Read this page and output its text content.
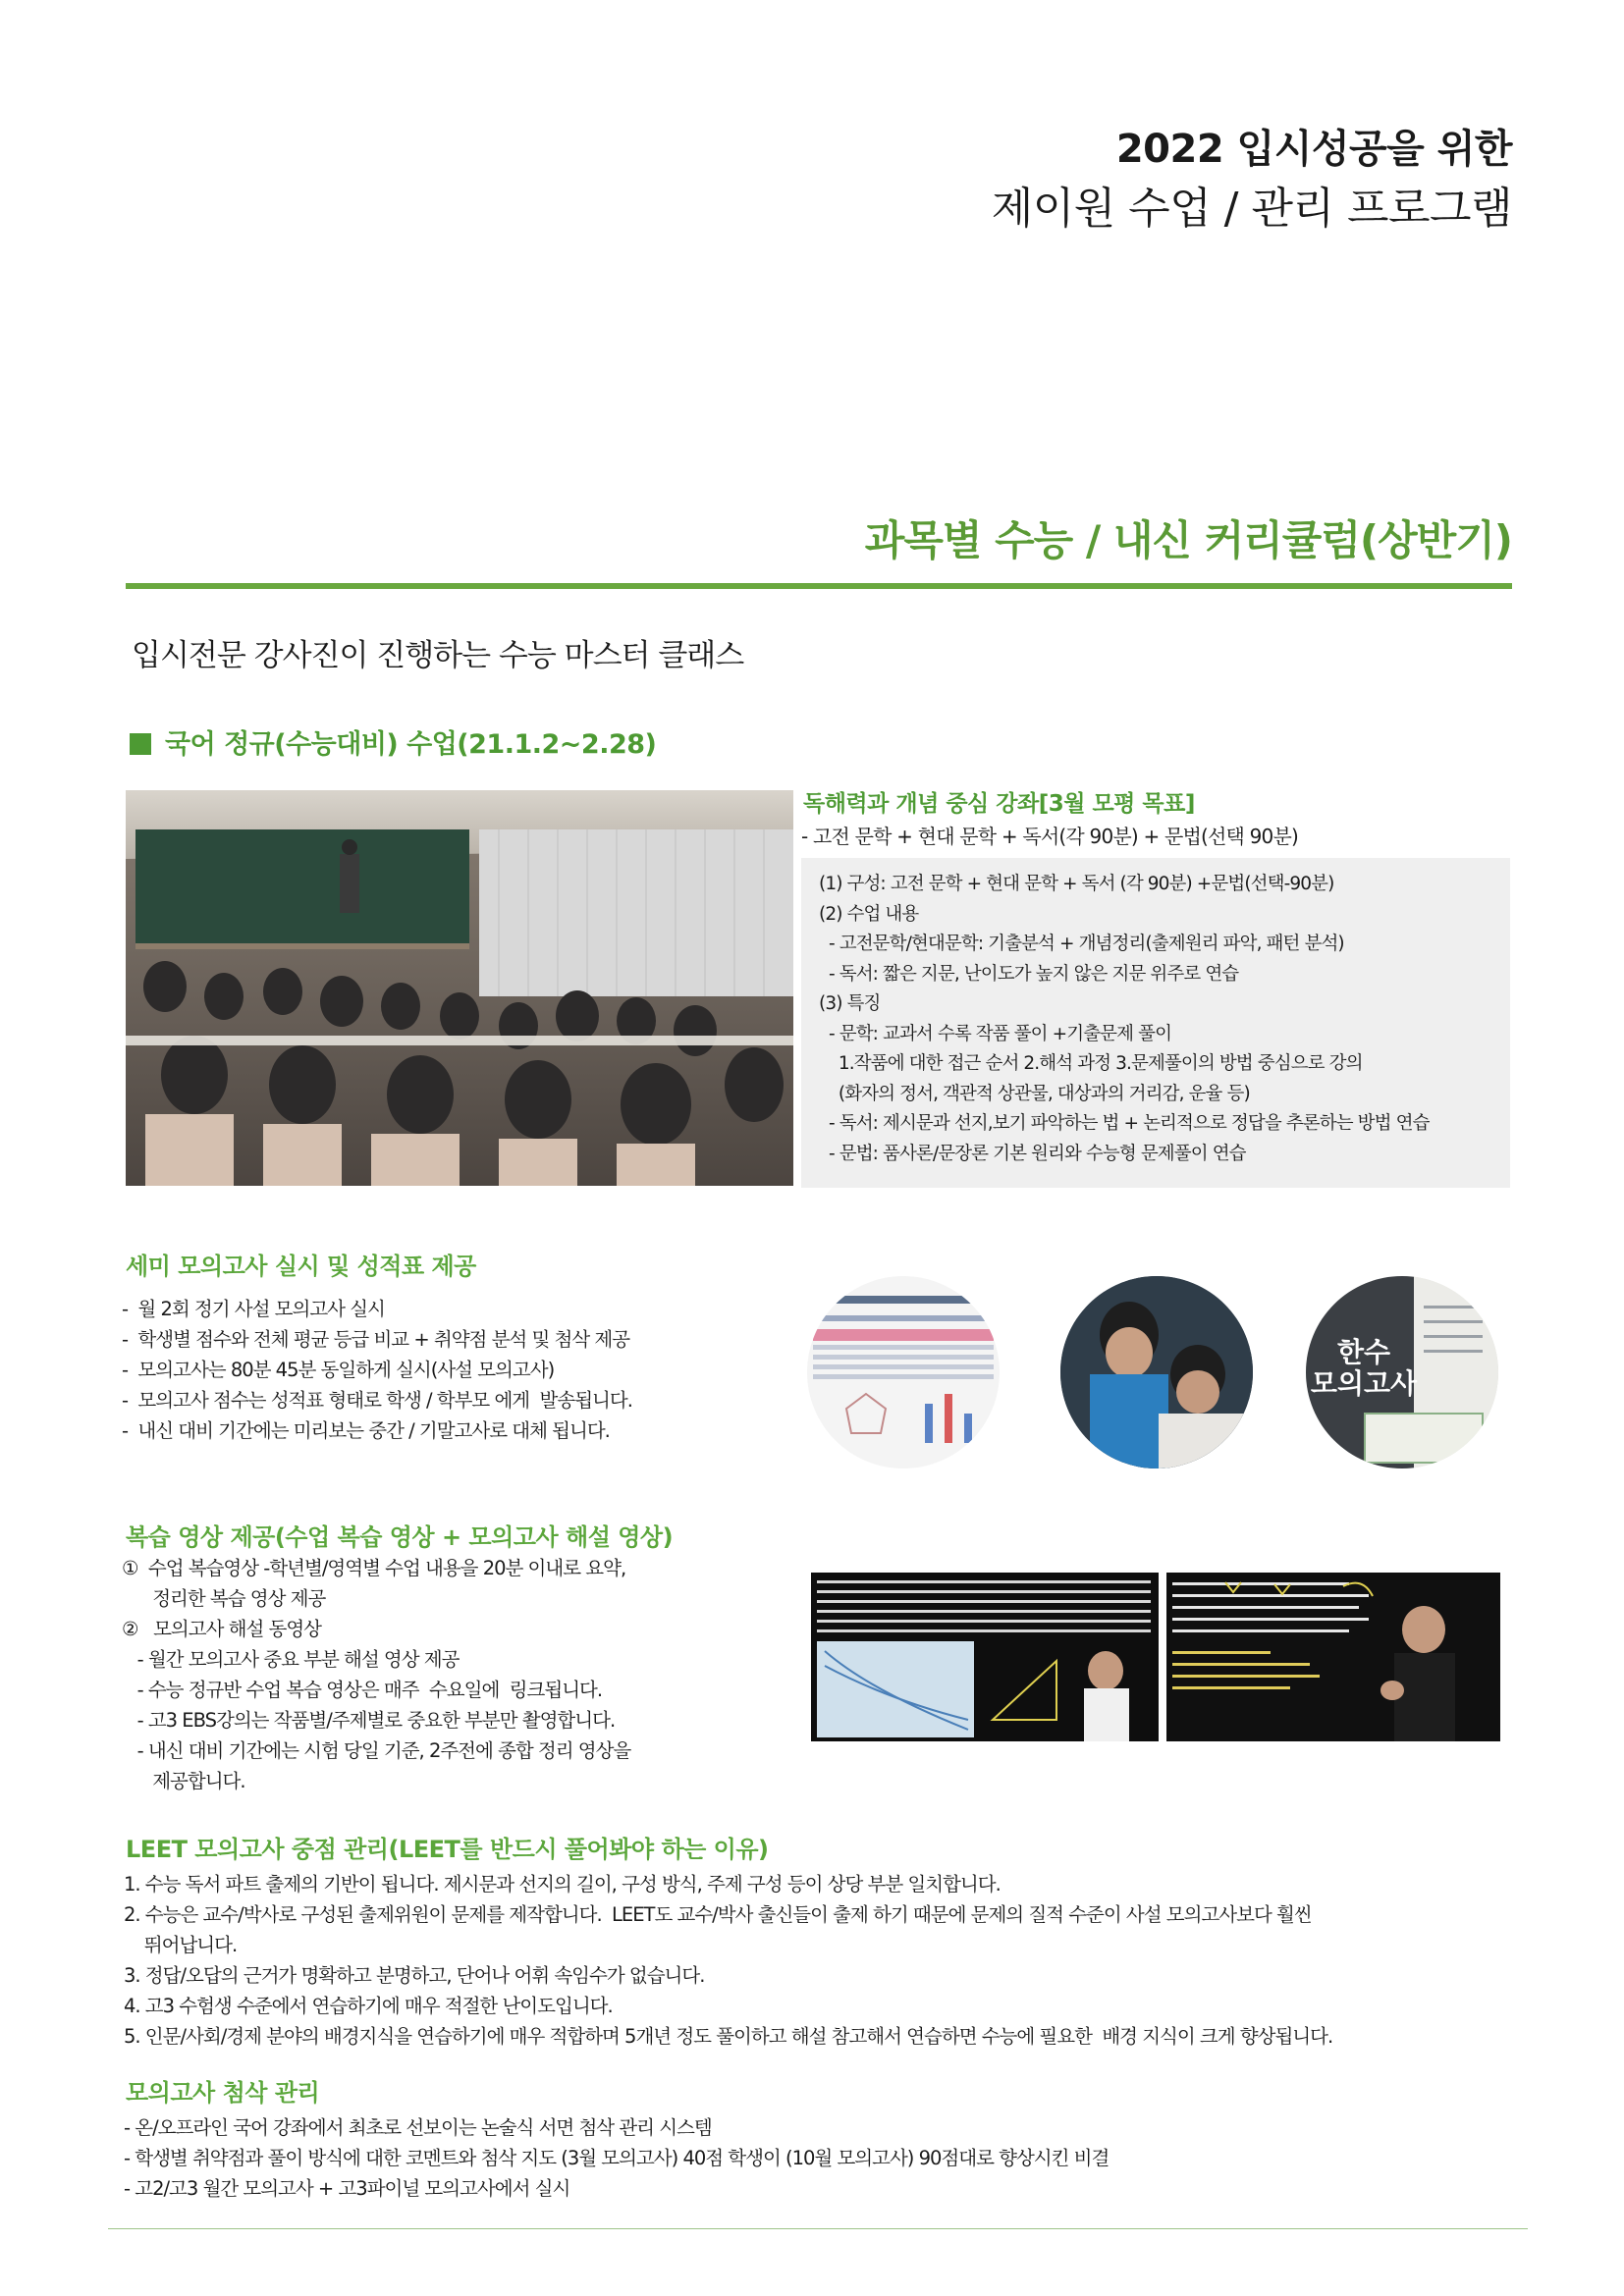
2022 입시성공을 위한
제이원 수업 / 관리 프로그램
과목별 수능 / 내신 커리큘럼(상반기)
입시전문 강사진이 진행하는 수능 마스터 클래스
국어 정규(수능대비) 수업(21.1.2~2.28)
독해력과 개념 중심 강좌[3월 모평 목표]
- 고전 문학 + 현대 문학 + 독서(각 90분) + 문법(선택 90분)
(1) 구성: 고전 문학 + 현대 문학 + 독서 (각 90분) +문법(선택-90분)
(2) 수업 내용
- 고전문학/현대문학: 기출분석 + 개념정리(출제원리 파악, 패턴 분석)
- 독서: 짧은 지문, 난이도가 높지 않은 지문 위주로 연습
(3) 특징
- 문학: 교과서 수록 작품 풀이 +기출문제 풀이
1.작품에 대한 접근 순서 2.해석 과정 3.문제풀이의 방법 중심으로 강의
(화자의 정서, 객관적 상관물, 대상과의 거리감, 운율 등)
- 독서: 제시문과 선지,보기 파악하는 법 + 논리적으로 정답을 추론하는 방법 연습
- 문법: 품사론/문장론 기본 원리와 수능형 문제풀이 연습
세미 모의고사 실시 및 성적표 제공
-  월 2회 정기 사설 모의고사 실시
-  학생별 점수와 전체 평균 등급 비교 + 취약점 분석 및 첨삭 제공
-  모의고사는 80분 45분 동일하게 실시(사설 모의고사)
-  모의고사 점수는 성적표 형태로 학생 / 학부모 에게  발송됩니다.
-  내신 대비 기간에는 미리보는 중간 / 기말고사로 대체 됩니다.
한수
모의고사
복습 영상 제공(수업 복습 영상 + 모의고사 해설 영상)
①  수업 복습영상 -학년별/영역별 수업 내용을 20분 이내로 요약,
정리한 복습 영상 제공
②   모의고사 해설 동영상
- 월간 모의고사 중요 부분 해설 영상 제공
- 수능 정규반 수업 복습 영상은 매주  수요일에  링크됩니다.
- 고3 EBS강의는 작품별/주제별로 중요한 부분만 촬영합니다.
- 내신 대비 기간에는 시험 당일 기준, 2주전에 종합 정리 영상을
제공합니다.
LEET 모의고사 중점 관리(LEET를 반드시 풀어봐야 하는 이유)
1. 수능 독서 파트 출제의 기반이 됩니다. 제시문과 선지의 길이, 구성 방식, 주제 구성 등이 상당 부분 일치합니다.
2. 수능은 교수/박사로 구성된 출제위원이 문제를 제작합니다.  LEET도 교수/박사 출신들이 출제 하기 때문에 문제의 질적 수준이 사설 모의고사보다 훨씬
뛰어납니다.
3. 정답/오답의 근거가 명확하고 분명하고, 단어나 어휘 속임수가 없습니다.
4. 고3 수험생 수준에서 연습하기에 매우 적절한 난이도입니다.
5. 인문/사회/경제 분야의 배경지식을 연습하기에 매우 적합하며 5개년 정도 풀이하고 해설 참고해서 연습하면 수능에 필요한  배경 지식이 크게 향상됩니다.
모의고사 첨삭 관리
- 온/오프라인 국어 강좌에서 최초로 선보이는 논술식 서면 첨삭 관리 시스템
- 학생별 취약점과 풀이 방식에 대한 코멘트와 첨삭 지도 (3월 모의고사) 40점 학생이 (10월 모의고사) 90점대로 향상시킨 비결
- 고2/고3 월간 모의고사 + 고3파이널 모의고사에서 실시
